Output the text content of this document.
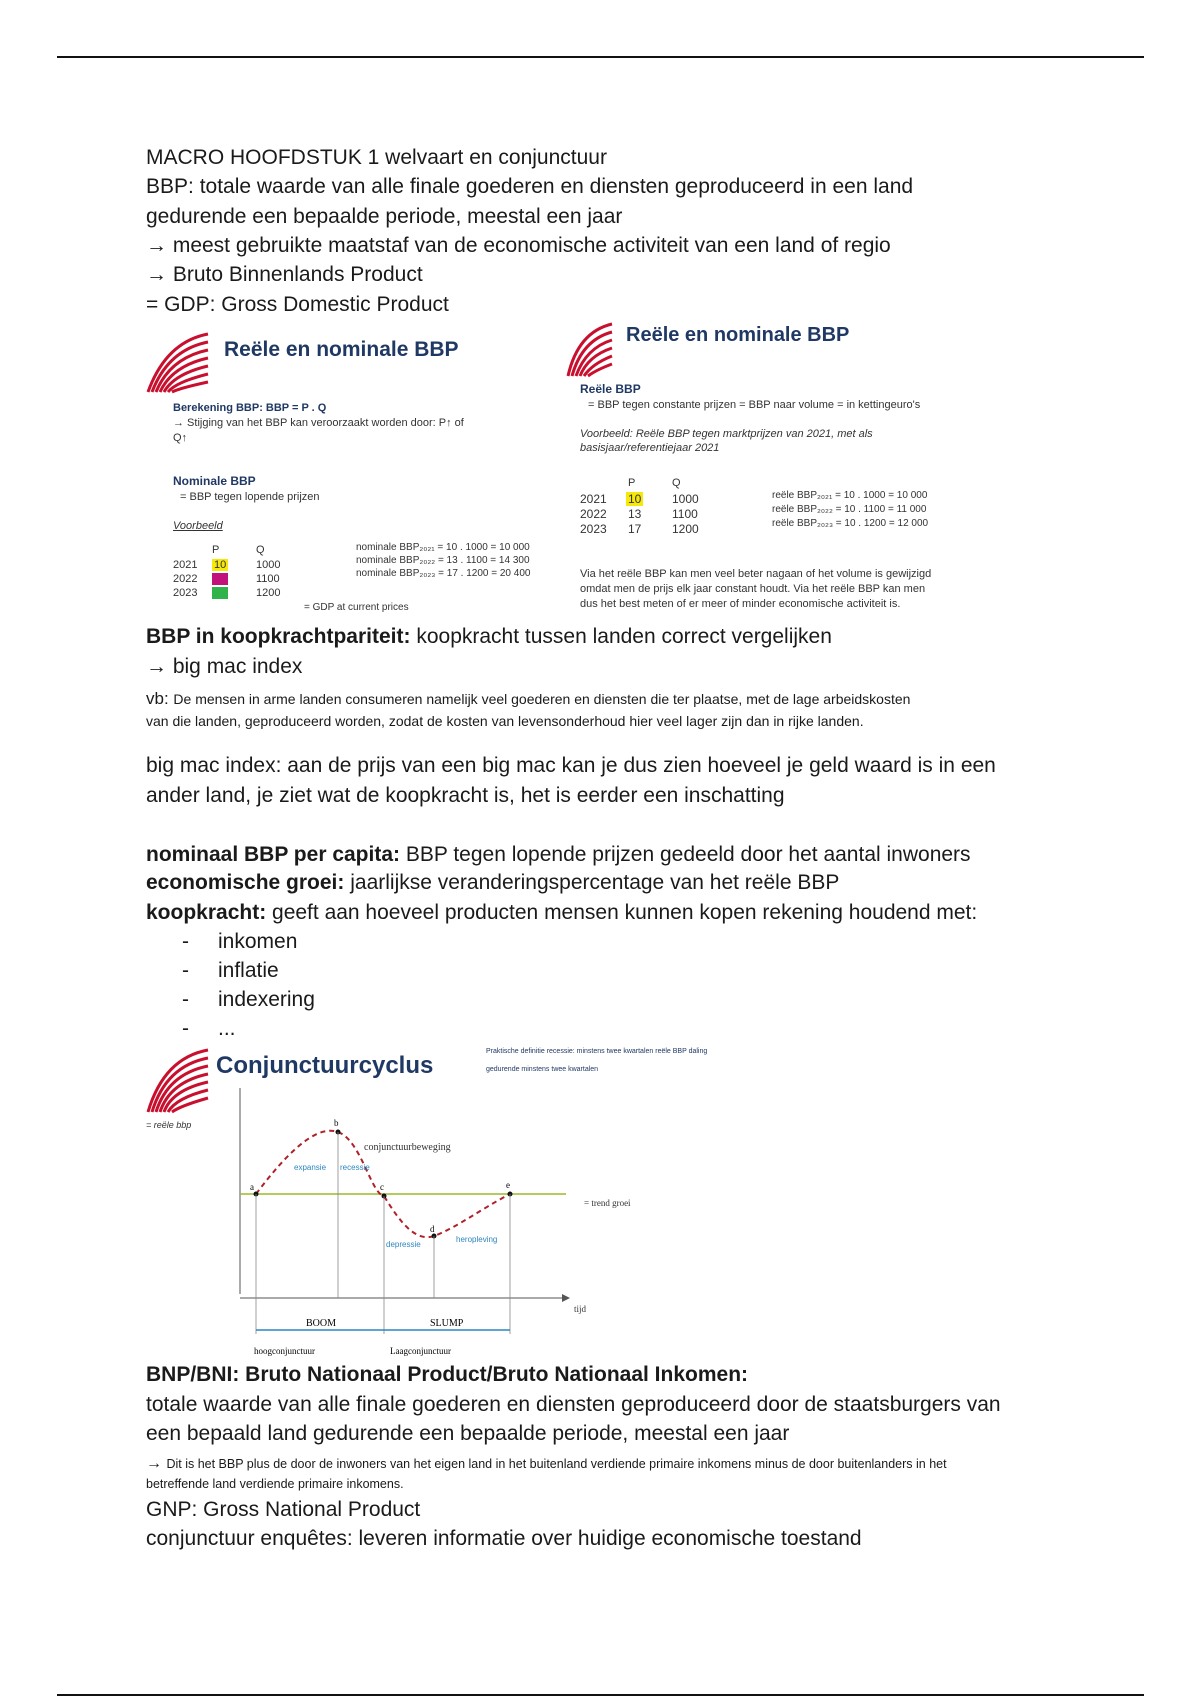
MACRO HOOFDSTUK 1 welvaart en conjunctuur
BBP: totale waarde van alle finale goederen en diensten geproduceerd in een land
gedurende een bepaalde periode, meestal een jaar
→ meest gebruikte maatstaf van de economische activiteit van een land of regio
→ Bruto Binnenlands Product
= GDP: Gross Domestic Product
Reële en nominale BBP
Berekening BBP: BBP = P . Q
→ Stijging van het BBP kan veroorzaakt worden door: P↑ of
Q↑
Nominale BBP
= BBP tegen lopende prijzen
Voorbeeld
P	Q
2021 10	1000
nominale BBP₂₀₂₁ = 10 . 1000 = 10 000
2022 13	1100
nominale BBP₂₀₂₂ = 13 . 1100 = 14 300
2023 17	1200
nominale BBP₂₀₂₃ = 17 . 1200 = 20 400
= GDP at current prices
Reële en nominale BBP
Reële BBP
= BBP tegen constante prijzen = BBP naar volume = in kettingeuro's
Voorbeeld: Reële BBP tegen marktprijzen van 2021, met als
basisjaar/referentiejaar 2021
P	Q
2021 10	1000	reële BBP₂₀₂₁ = 10 . 1000 = 10 000
2022 13	1100	reële BBP₂₀₂₂ = 10 . 1100 = 11 000
2023 17	1200	reële BBP₂₀₂₃ = 10 . 1200 = 12 000
Via het reële BBP kan men veel beter nagaan of het volume is gewijzigd
omdat men de prijs elk jaar constant houdt. Via het reële BBP kan men
dus het best meten of er meer of minder economische activiteit is.
BBP in koopkrachtpariteit: koopkracht tussen landen correct vergelijken
→ big mac index
vb: De mensen in arme landen consumeren namelijk veel goederen en diensten die ter plaatse, met de lage arbeidskosten
van die landen, geproduceerd worden, zodat de kosten van levensonderhoud hier veel lager zijn dan in rijke landen.
big mac index: aan de prijs van een big mac kan je dus zien hoeveel je geld waard is in een
ander land, je ziet wat de koopkracht is, het is eerder een inschatting
nominaal BBP per capita: BBP tegen lopende prijzen gedeeld door het aantal inwoners
economische groei: jaarlijkse veranderingspercentage van het reële BBP
koopkracht: geeft aan hoeveel producten mensen kunnen kopen rekening houdend met:
- inkomen
- inflatie
- indexering
- ...
Conjunctuurcyclus
Praktische definitie recessie: minstens twee kwartalen reële BBP daling
gedurende minstens twee kwartalen
= reële bbp
a
b
c
d
e
conjunctuurbeweging
= trend groei
tijd
expansie recessie
depressie
heropleving
BOOM	SLUMP
hoogconjunctuur	Laagconjunctuur
BNP/BNI: Bruto Nationaal Product/Bruto Nationaal Inkomen:
totale waarde van alle finale goederen en diensten geproduceerd door de staatsburgers van
een bepaald land gedurende een bepaalde periode, meestal een jaar
→ Dit is het BBP plus de door de inwoners van het eigen land in het buitenland verdiende primaire inkomens minus de door buitenlanders in het
betreffende land verdiende primaire inkomens.
GNP: Gross National Product
conjunctuur enquêtes: leveren informatie over huidige economische toestand
